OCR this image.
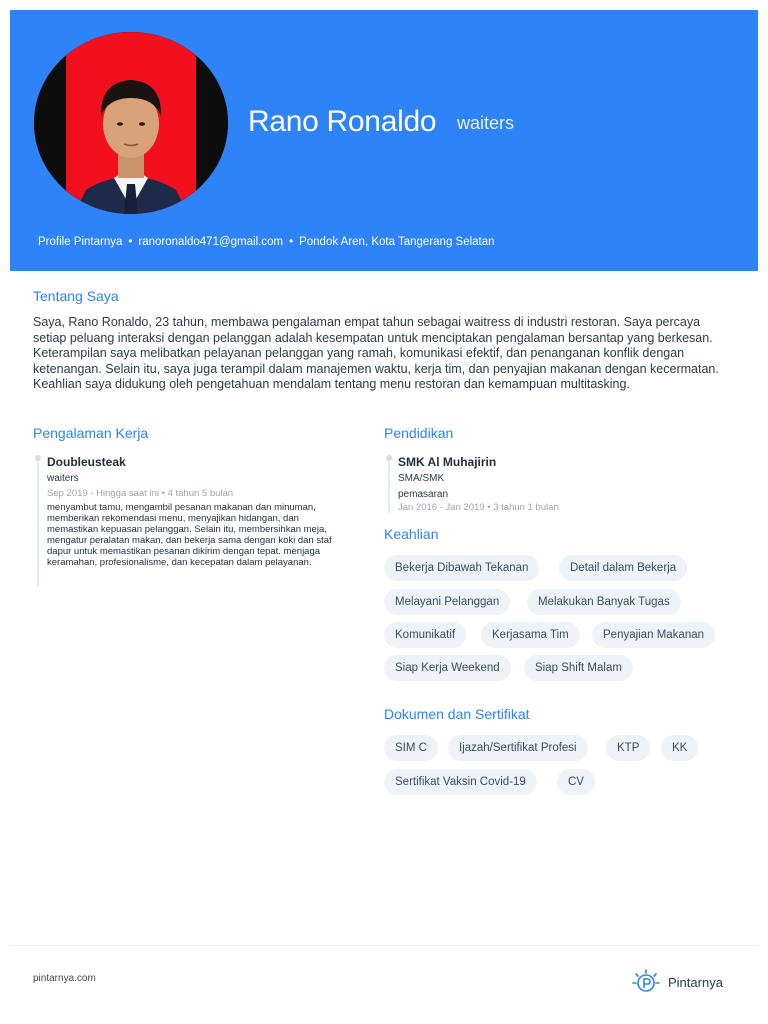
Rano Ronaldo waiters
Profile Pintarnya • ranoronaldo471@gmail.com • Pondok Aren, Kota Tangerang Selatan
Tentang Saya
Saya, Rano Ronaldo, 23 tahun, membawa pengalaman empat tahun sebagai waitress di industri restoran. Saya percaya setiap peluang interaksi dengan pelanggan adalah kesempatan untuk menciptakan pengalaman bersantap yang berkesan. Keterampilan saya melibatkan pelayanan pelanggan yang ramah, komunikasi efektif, dan penanganan konflik dengan ketenangan. Selain itu, saya juga terampil dalam manajemen waktu, kerja tim, dan penyajian makanan dengan kecermatan. Keahlian saya didukung oleh pengetahuan mendalam tentang menu restoran dan kemampuan multitasking.
Pengalaman Kerja
Doubleusteak
waiters
Sep 2019 - Hingga saat ini • 4 tahun 5 bulan
menyambut tamu, mengambil pesanan makanan dan minuman, memberikan rekomendasi menu, menyajikan hidangan, dan memastikan kepuasan pelanggan. Selain itu, membersihkan meja, mengatur peralatan makan, dan bekerja sama dengan koki dan staf dapur untuk memastikan pesanan dikirim dengan tepat. menjaga keramahan, profesionalisme, dan kecepatan dalam pelayanan.
Pendidikan
SMK Al Muhajirin
SMA/SMK
pemasaran
Jan 2016 - Jan 2019 • 3 tahun 1 bulan
Keahlian
Bekerja Dibawah Tekanan	Detail dalam Bekerja
Melayani Pelanggan	Melakukan Banyak Tugas
Komunikatif	Kerjasama Tim	Penyajian Makanan
Siap Kerja Weekend	Siap Shift Malam
Dokumen dan Sertifikat
SIM C	Ijazah/Sertifikat Profesi	KTP	KK
Sertifikat Vaksin Covid-19	CV
pintarnya.com	Pintarnya
